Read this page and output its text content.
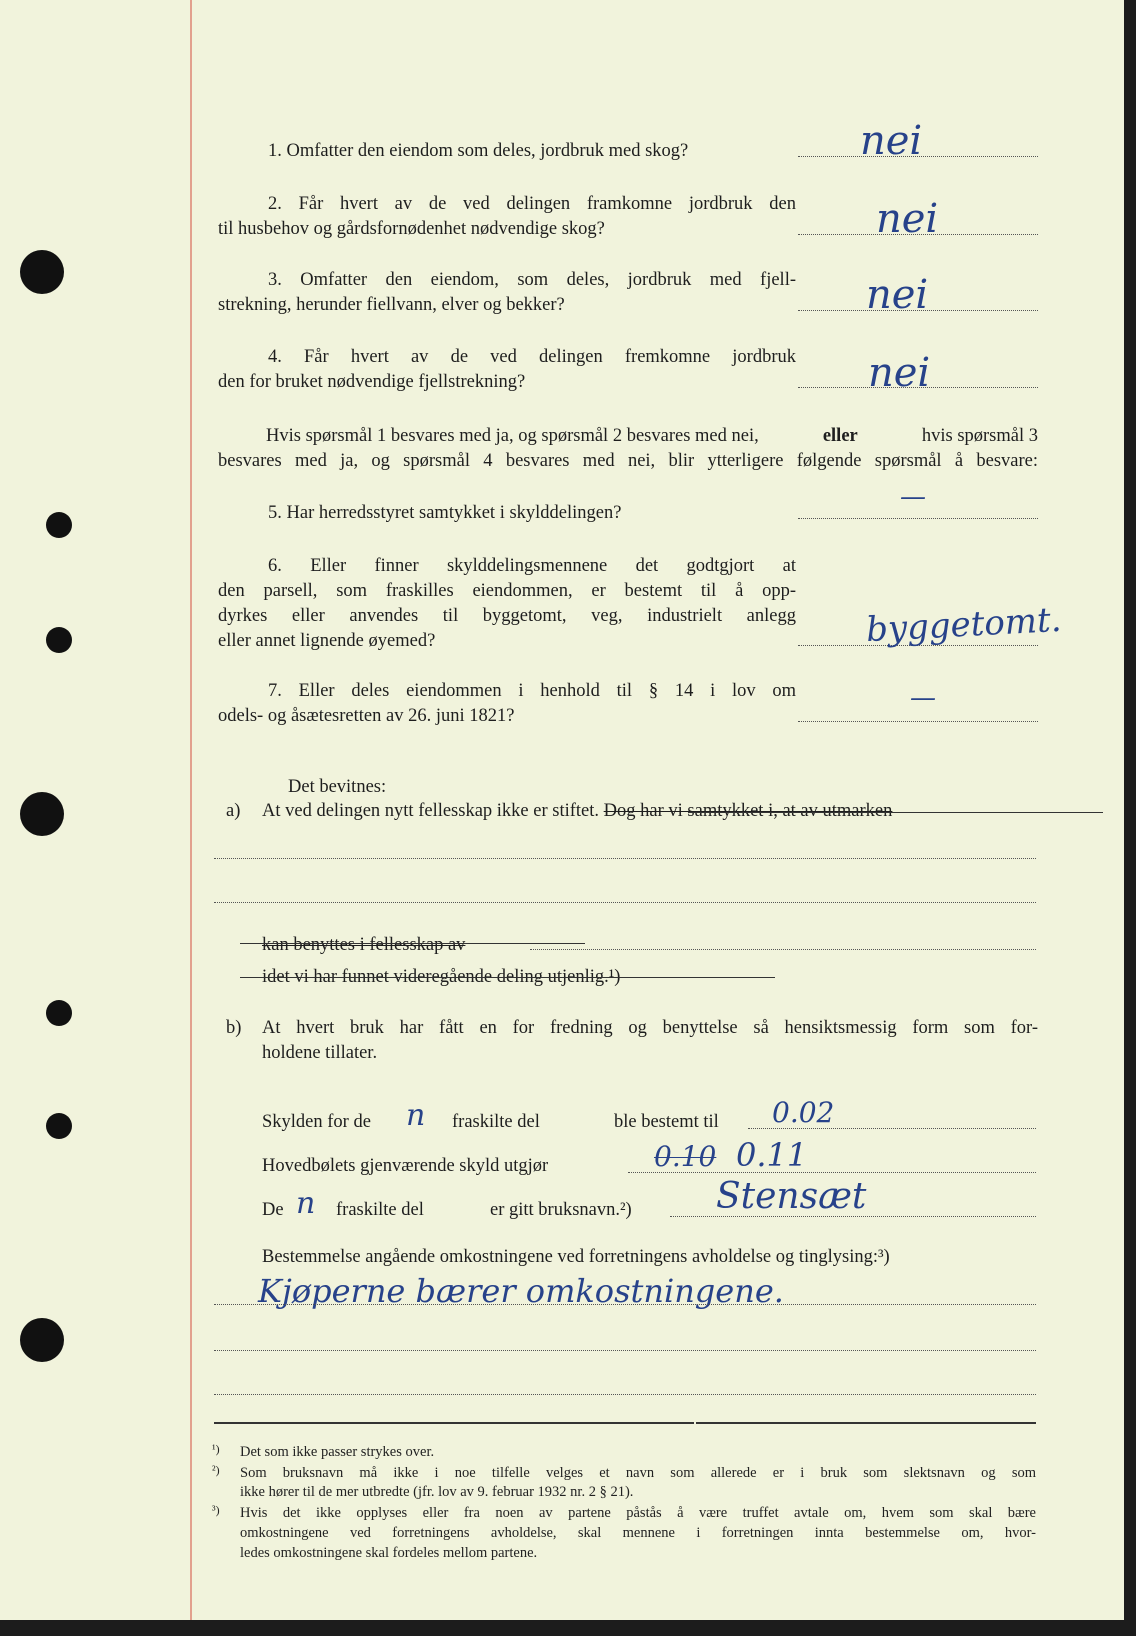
1. Omfatter den eiendom som deles, jordbruk med skog?	nei
2. Får hvert av de ved delingen framkomne jordbruk den
til husbehov og gårdsfornødenhet nødvendige skog?	nei
3. Omfatter den eiendom, som deles, jordbruk med fjell-
strekning, herunder fiellvann, elver og bekker?	nei
4. Får hvert av de ved delingen fremkomne jordbruk
den for bruket nødvendige fjellstrekning?	nei
Hvis spørsmål 1 besvares med ja, og spørsmål 2 besvares med nei,	eller	hvis spørsmål 3
besvares med ja, og spørsmål 4 besvares med nei, blir ytterligere følgende spørsmål å besvare:
5. Har herredsstyret samtykket i skylddelingen?
—
6. Eller finner skylddelingsmennene det godtgjort at
den parsell, som fraskilles eiendommen, er bestemt til å opp-
dyrkes eller anvendes til byggetomt, veg, industrielt anlegg
eller annet lignende øyemed?	byggetomt.
7. Eller deles eiendommen i henhold til § 14 i lov om
odels- og åsætesretten av 26. juni 1821?
—
Det bevitnes:
a) At ved delingen nytt fellesskap ikke er stiftet. Dog har vi samtykket i, at av utmarken
kan benyttes i fellesskap av
idet vi har funnet videregående deling utjenlig.¹)
b) At hvert bruk har fått en for fredning og benyttelse så hensiktsmessig form som for-
holdene tillater.
Skylden for de n fraskilte del	ble bestemt til 0.02
Hovedbølets gjenværende skyld utgjør	0.10 0.11
De n fraskilte del	er gitt bruksnavn.²) Stensæt
Bestemmelse angående omkostningene ved forretningens avholdelse og tinglysing:³)
Kjøperne bærer omkostningene.
¹) Det som ikke passer strykes over.
²) Som bruksnavn må ikke i noe tilfelle velges et navn som allerede er i bruk som slektsnavn og som
ikke hører til de mer utbredte (jfr. lov av 9. februar 1932 nr. 2 § 21).
³) Hvis det ikke opplyses eller fra noen av partene påstås å være truffet avtale om, hvem som skal bære
omkostningene ved forretningens avholdelse, skal mennene i forretningen innta bestemmelse om, hvor-
ledes omkostningene skal fordeles mellom partene.
